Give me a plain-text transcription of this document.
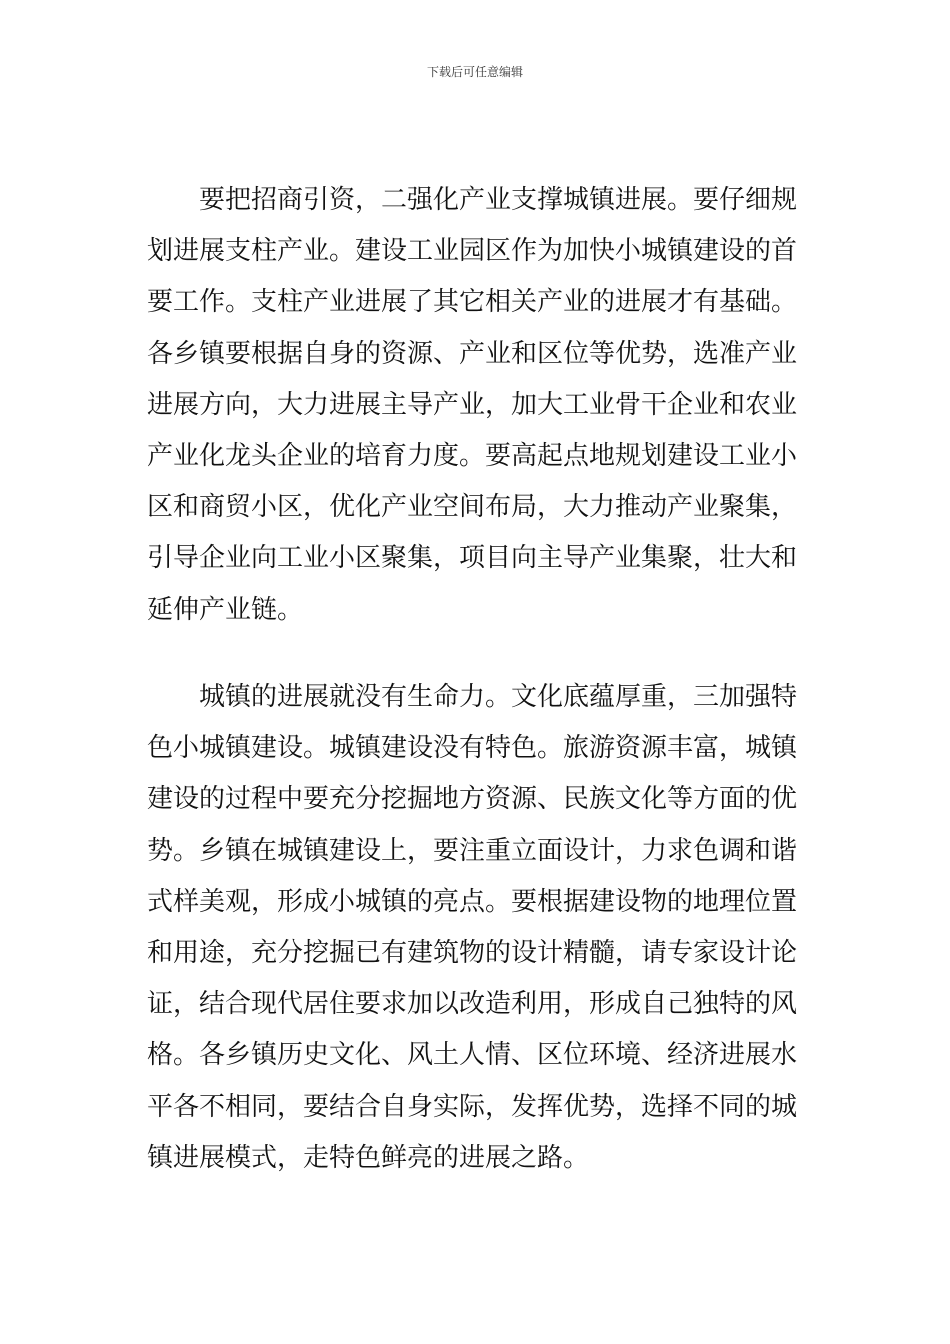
下载后可任意编辑
要把招商引资，二强化产业支撑城镇进展。要仔细规
划进展支柱产业。建设工业园区作为加快小城镇建设的首
要工作。支柱产业进展了其它相关产业的进展才有基础。
各乡镇要根据自身的资源、产业和区位等优势，选准产业
进展方向，大力进展主导产业，加大工业骨干企业和农业
产业化龙头企业的培育力度。要高起点地规划建设工业小
区和商贸小区，优化产业空间布局，大力推动产业聚集，
引导企业向工业小区聚集，项目向主导产业集聚，壮大和
延伸产业链。
城镇的进展就没有生命力。文化底蕴厚重，三加强特
色小城镇建设。城镇建设没有特色。旅游资源丰富，城镇
建设的过程中要充分挖掘地方资源、民族文化等方面的优
势。乡镇在城镇建设上，要注重立面设计，力求色调和谐
式样美观，形成小城镇的亮点。要根据建设物的地理位置
和用途，充分挖掘已有建筑物的设计精髓，请专家设计论
证，结合现代居住要求加以改造利用，形成自己独特的风
格。各乡镇历史文化、风土人情、区位环境、经济进展水
平各不相同，要结合自身实际，发挥优势，选择不同的城
镇进展模式，走特色鲜亮的进展之路。
